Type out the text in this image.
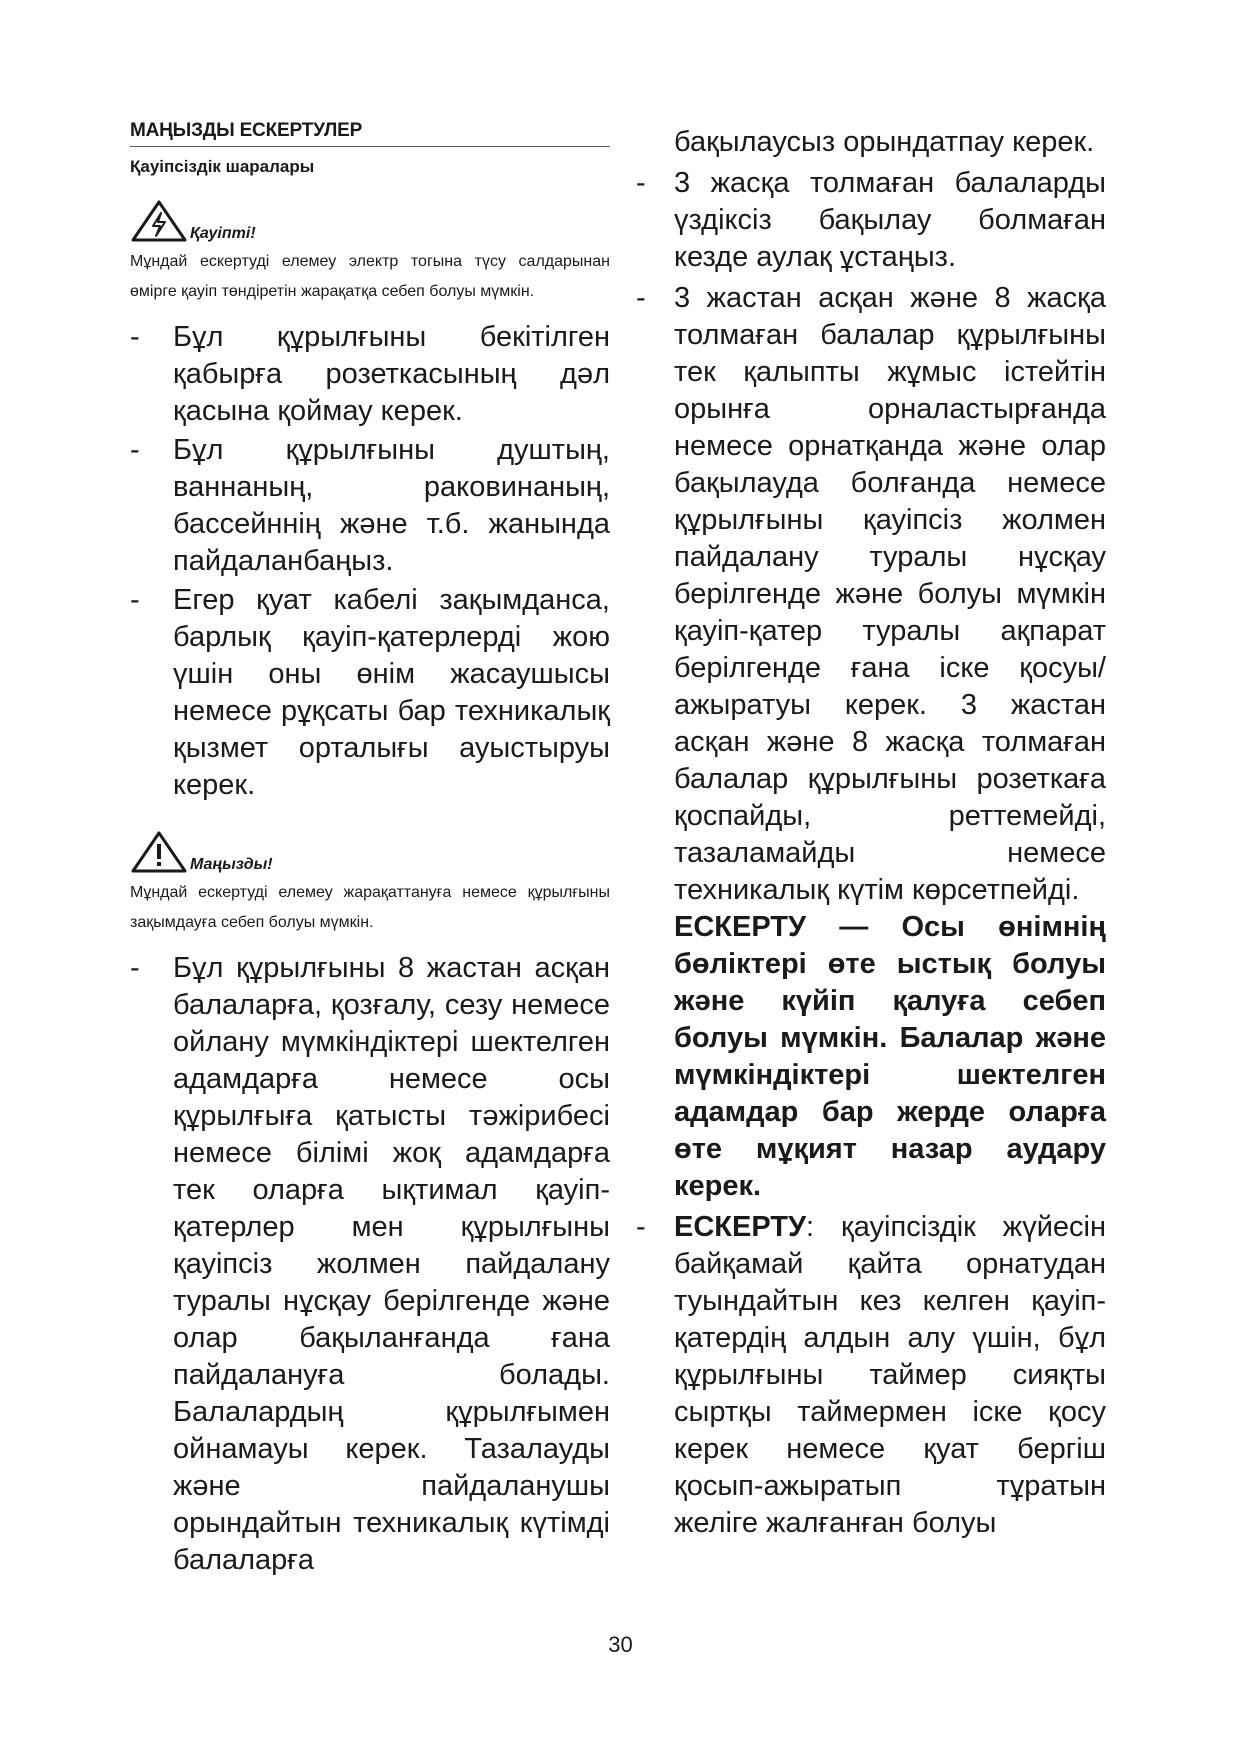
МАҢЫЗДЫ ЕСКЕРТУЛЕР
Қауіпсіздік шаралары
Қауіпті!
Мұндай ескертуді елемеу электр тогына түсу салдарынан өмірге қауіп төндіретін жарақатқа себеп болуы мүмкін.
- Бұл құрылғыны бекітілген қабырға розеткасының дәл қасына қоймау керек.
- Бұл құрылғыны душтың, ваннаның, раковинаның, бассейннің және т.б. жанында пайдаланбаңыз.
- Егер қуат кабелі зақымданса, барлық қауіп-қатерлерді жою үшін оны өнім жасаушысы немесе рұқсаты бар техникалық қызмет орталығы ауыстыруы керек.
Маңызды!
Мұндай ескертуді елемеу жарақаттануға немесе құрылғыны зақымдауға себеп болуы мүмкін.
- Бұл құрылғыны 8 жастан асқан балаларға, қозғалу, сезу немесе ойлану мүмкіндіктері шектелген адамдарға немесе осы құрылғыға қатысты тәжірибесі немесе білімі жоқ адамдарға тек оларға ықтимал қауіп-қатерлер мен құрылғыны қауіпсіз жолмен пайдалану туралы нұсқау берілгенде және олар бақыланғанда ғана пайдалануға болады. Балалардың құрылғымен ойнамауы керек. Тазалауды және пайдаланушы орындайтын техникалық күтімді балаларға
бақылаусыз орындатпау керек.
- 3 жасқа толмаған балаларды үздіксіз бақылау болмаған кезде аулақ ұстаңыз.
- 3 жастан асқан және 8 жасқа толмаған балалар құрылғыны тек қалыпты жұмыс істейтін орынға орналастырғанда немесе орнатқанда және олар бақылауда болғанда немесе құрылғыны қауіпсіз жолмен пайдалану туралы нұсқау берілгенде және болуы мүмкін қауіп-қатер туралы ақпарат берілгенде ғана іске қосуы/ажыратуы керек. 3 жастан асқан және 8 жасқа толмаған балалар құрылғыны розеткаға қоспайды, реттемейді, тазаламайды немесе техникалық күтім көрсетпейді.
ЕСКЕРТУ — Осы өнімнің бөліктері өте ыстық болуы және күйіп қалуға себеп болуы мүмкін. Балалар және мүмкіндіктері шектелген адамдар бар жерде оларға өте мұқият назар аудару керек.
- ЕСКЕРТУ: қауіпсіздік жүйесін байқамай қайта орнатудан туындайтын кез келген қауіп-қатердің алдын алу үшін, бұл құрылғыны таймер сияқты сыртқы таймермен іске қосу керек немесе қуат бергіш қосып-ажыратып тұратын желіге жалғанған болуы
30
